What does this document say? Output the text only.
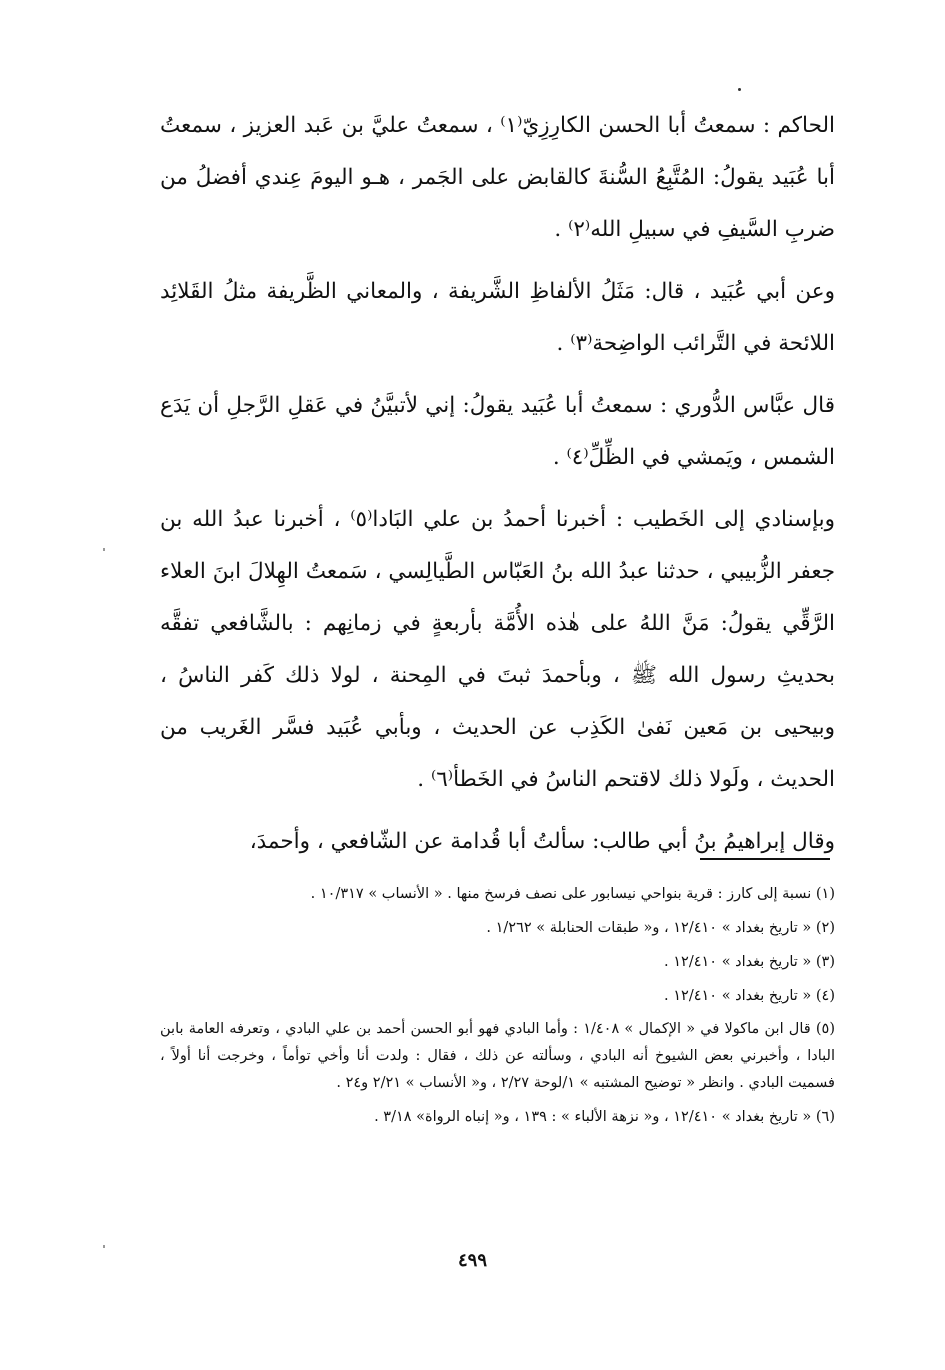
الحاكم : سمعتُ أبا الحسن الكارِزِيّ⁽١⁾ ، سمعتُ عليَّ بن عَبد العزيز ، سمعتُ أبا عُبَيد يقولُ: المُتَّبِعُ السُّنةَ كالقابض على الجَمر ، هـو اليومَ عِندي أفضلُ من ضربِ السَّيفِ في سبيلِ الله⁽٢⁾ .

وعن أبي عُبَيد ، قال: مَثَلُ الألفاظِ الشَّريفة ، والمعاني الظَّريفة مثلُ القَلائِد اللائحة في التَّرائب الواضِحة⁽٣⁾ .

قال عبَّاس الدُّوري : سمعتُ أبا عُبَيد يقولُ: إني لأتبيَّنُ في عَقلِ الرَّجلِ أن يَدَع الشمس ، ويَمشي في الظِّلِّ⁽٤⁾ .

وبإسنادي إلى الخَطيب : أخبرنا أحمدُ بن علي البَادا⁽٥⁾ ، أخبرنا عبدُ الله بن جعفر الزُّبيبي ، حدثنا عبدُ الله بنُ العَبّاس الطَّيالِسي ، سَمعتُ الهِلالَ ابنَ العلاء الرَّقِّي يقولُ: مَنَّ اللهُ على هٰذه الأُمَّة بأربعةٍ في زمانِهم : بالشَّافعي تفقَّه بحديثِ رسول الله ﷺ ، وبأحمدَ ثبتَ في المِحنة ، لولا ذلك كَفر الناسُ ، وبيحيى بن مَعين نَفىٰ الكَذِب عن الحديث ، وبأبي عُبَيد فسَّر الغَريب من الحديث ، ولَولا ذلك لاقتحم الناسُ في الخَطأ⁽٦⁾ .

وقال إبراهيمُ بنُ أبي طالب: سألتُ أبا قُدامة عن الشّافعي ، وأحمدَ،

(١) نسبة إلى كارز : قرية بنواحي نيسابور على نصف فرسخ منها . « الأنساب » ١٠/٣١٧ .

(٢) « تاريخ بغداد » ١٢/٤١٠ ، و« طبقات الحنابلة » ١/٢٦٢ .

(٣) « تاريخ بغداد » ١٢/٤١٠ .

(٤) « تاريخ بغداد » ١٢/٤١٠ .

(٥) قال ابن ماكولا في « الإكمال » ١/٤٠٨ : وأما البادي فهو أبو الحسن أحمد بن علي البادي ، وتعرفه العامة بابن البادا ، وأخبرني بعض الشيوخ أنه البادي ، وسألته عن ذلك ، فقال : ولدت أنا وأخي توأماً ، وخرجت أنا أولاً ، فسميت البادي . وانظر « توضيح المشتبه » ١/لوحة ٢/٢٧ ، و« الأنساب » ٢/٢١ و٢٤ .

(٦) « تاريخ بغداد » ١٢/٤١٠ ، و« نزهة الألباء » : ١٣٩ ، و« إنباه الرواة» ٣/١٨ .

٤٩٩
